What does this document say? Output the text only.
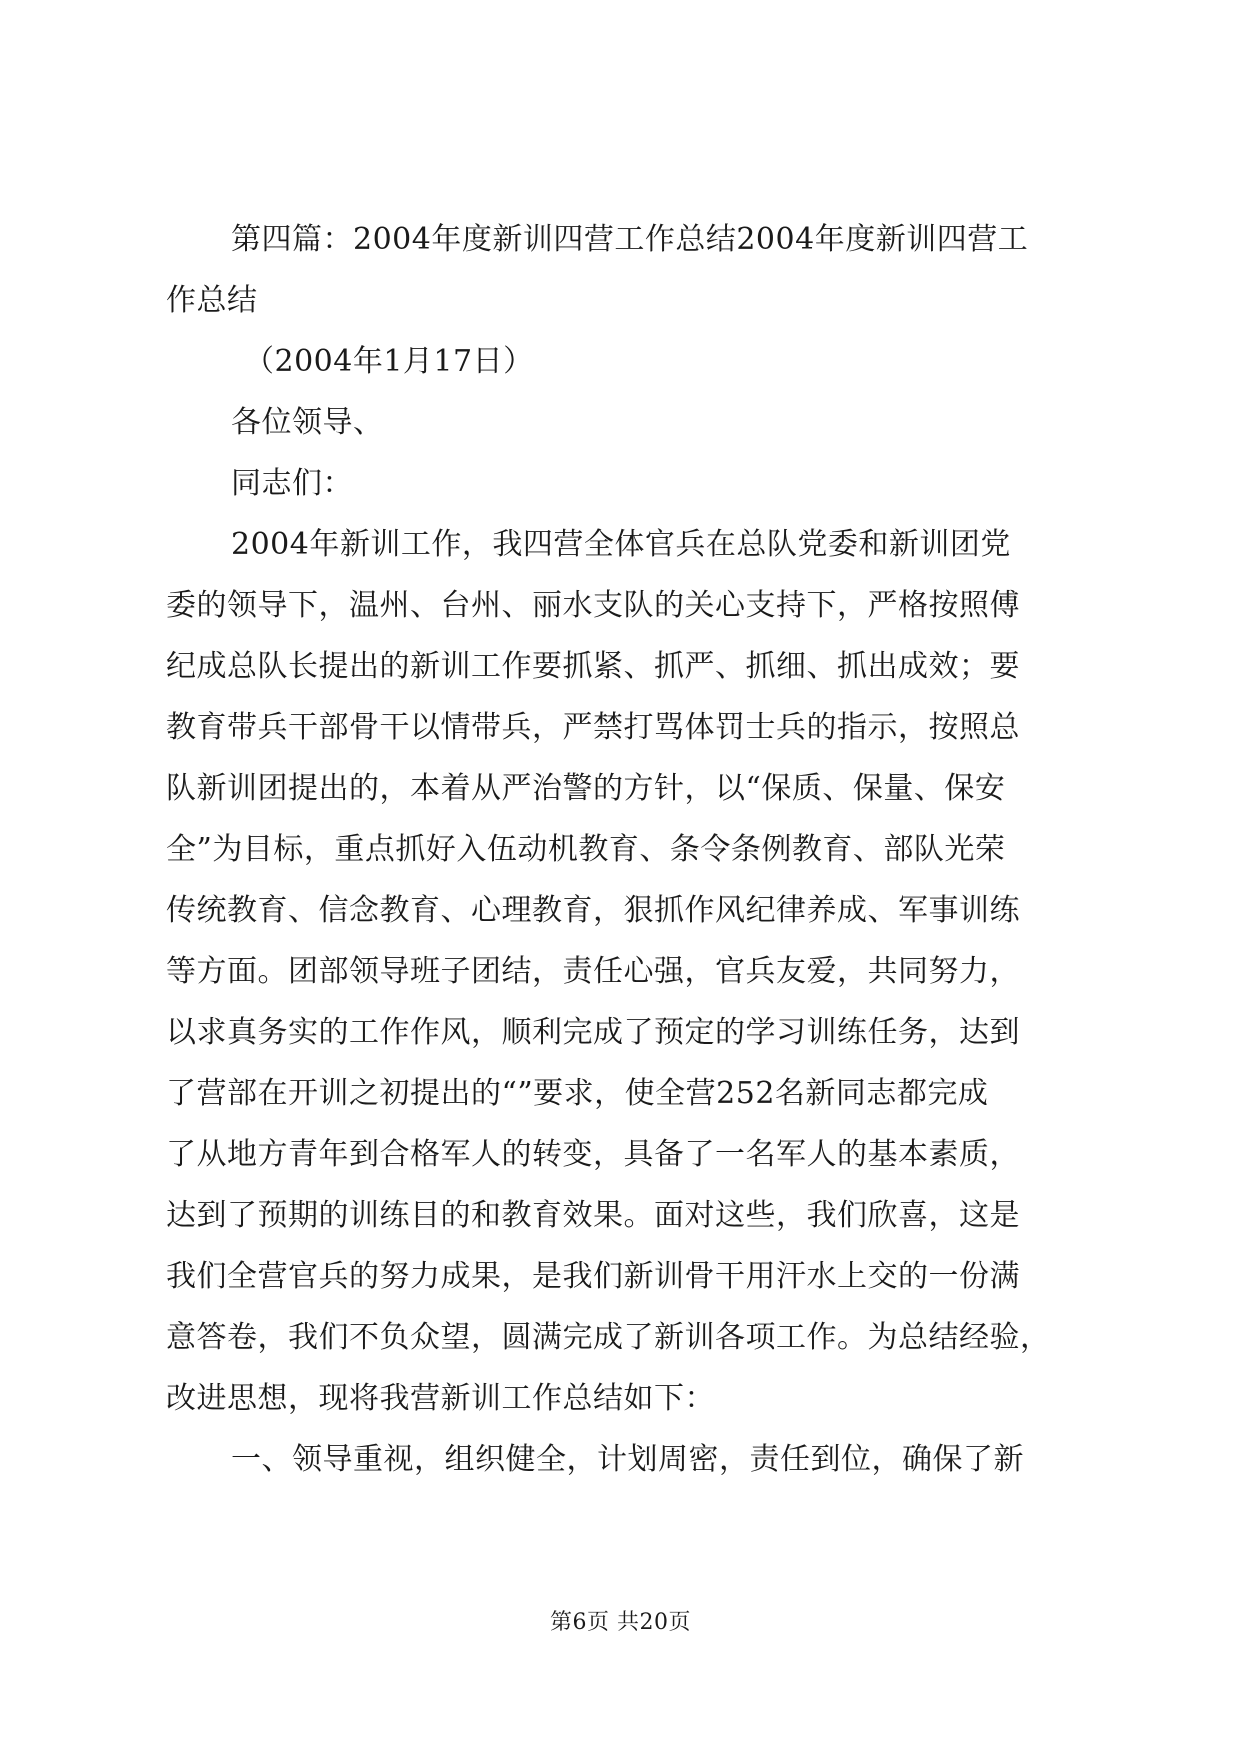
第四篇：2004年度新训四营工作总结2004年度新训四营工
作总结
（2004年1月17日）
各位领导、
同志们：
2004年新训工作，我四营全体官兵在总队党委和新训团党
委的领导下，温州、台州、丽水支队的关心支持下，严格按照傅
纪成总队长提出的新训工作要抓紧、抓严、抓细、抓出成效；要
教育带兵干部骨干以情带兵，严禁打骂体罚士兵的指示，按照总
队新训团提出的，本着从严治警的方针，以“保质、保量、保安
全”为目标，重点抓好入伍动机教育、条令条例教育、部队光荣
传统教育、信念教育、心理教育，狠抓作风纪律养成、军事训练
等方面。团部领导班子团结，责任心强，官兵友爱，共同努力，
以求真务实的工作作风，顺利完成了预定的学习训练任务，达到
了营部在开训之初提出的“”要求，使全营252名新同志都完成
了从地方青年到合格军人的转变，具备了一名军人的基本素质，
达到了预期的训练目的和教育效果。面对这些，我们欣喜，这是
我们全营官兵的努力成果，是我们新训骨干用汗水上交的一份满
意答卷，我们不负众望，圆满完成了新训各项工作。为总结经验，
改进思想，现将我营新训工作总结如下：
一、领导重视，组织健全，计划周密，责任到位，确保了新
第6页 共20页
